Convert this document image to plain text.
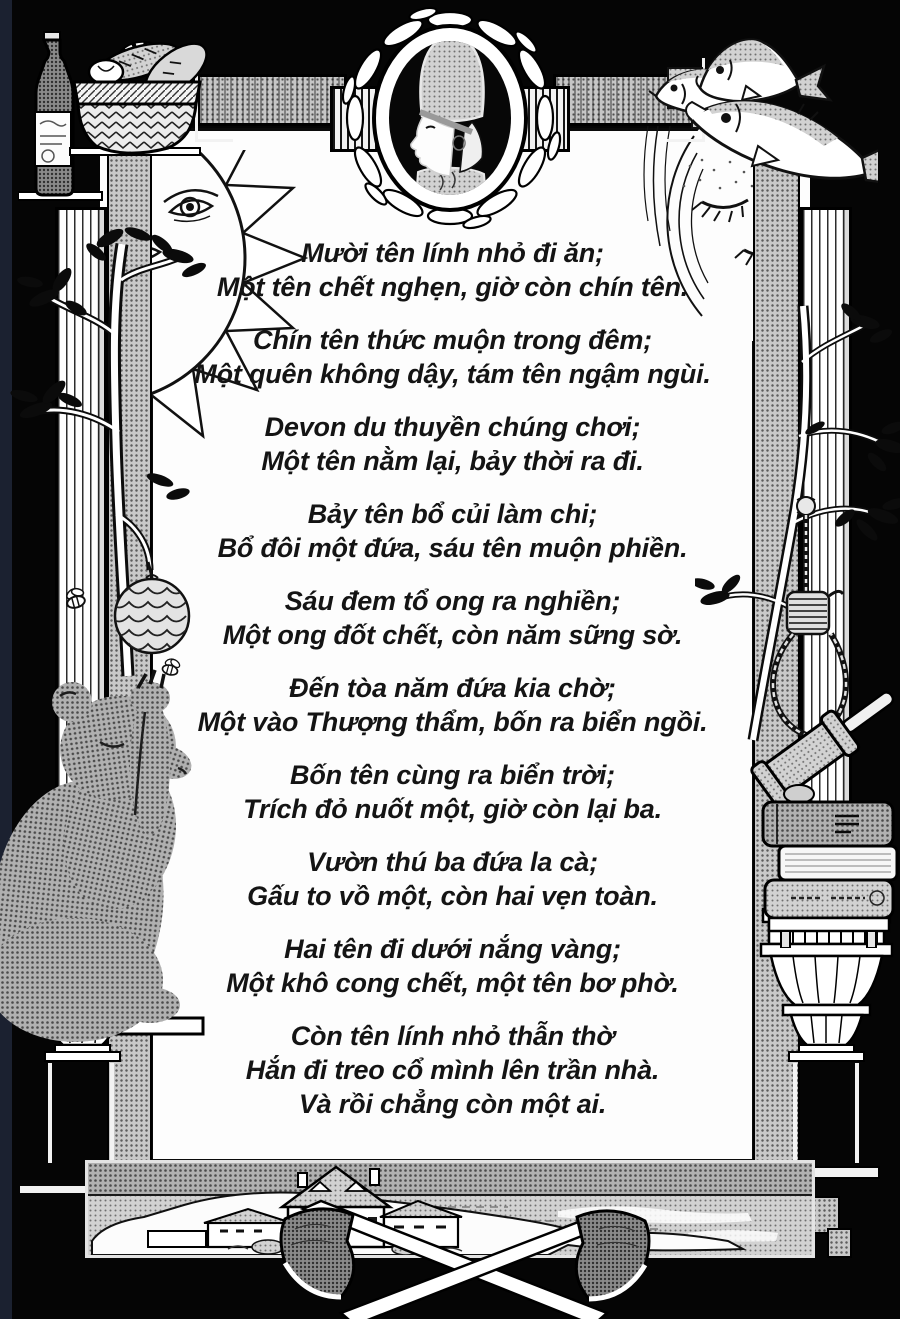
Mười tên lính nhỏ đi ăn;
Một tên chết nghẹn, giờ còn chín tên.
Chín tên thức muộn trong đêm;
Một quên không dậy, tám tên ngậm ngùi.
Devon du thuyền chúng chơi;
Một tên nằm lại, bảy thời ra đi.
Bảy tên bổ củi làm chi;
Bổ đôi một đứa, sáu tên muộn phiền.
Sáu đem tổ ong ra nghiền;
Một ong đốt chết, còn năm sững sờ.
Đến tòa năm đứa kia chờ;
Một vào Thượng thẩm, bốn ra biển ngồi.
Bốn tên cùng ra biển trời;
Trích đỏ nuốt một, giờ còn lại ba.
Vườn thú ba đứa la cà;
Gấu to vồ một, còn hai vẹn toàn.
Hai tên đi dưới nắng vàng;
Một khô cong chết, một tên bơ phờ.
Còn tên lính nhỏ thẫn thờ
Hắn đi treo cổ mình lên trần nhà.
Và rồi chẳng còn một ai.
